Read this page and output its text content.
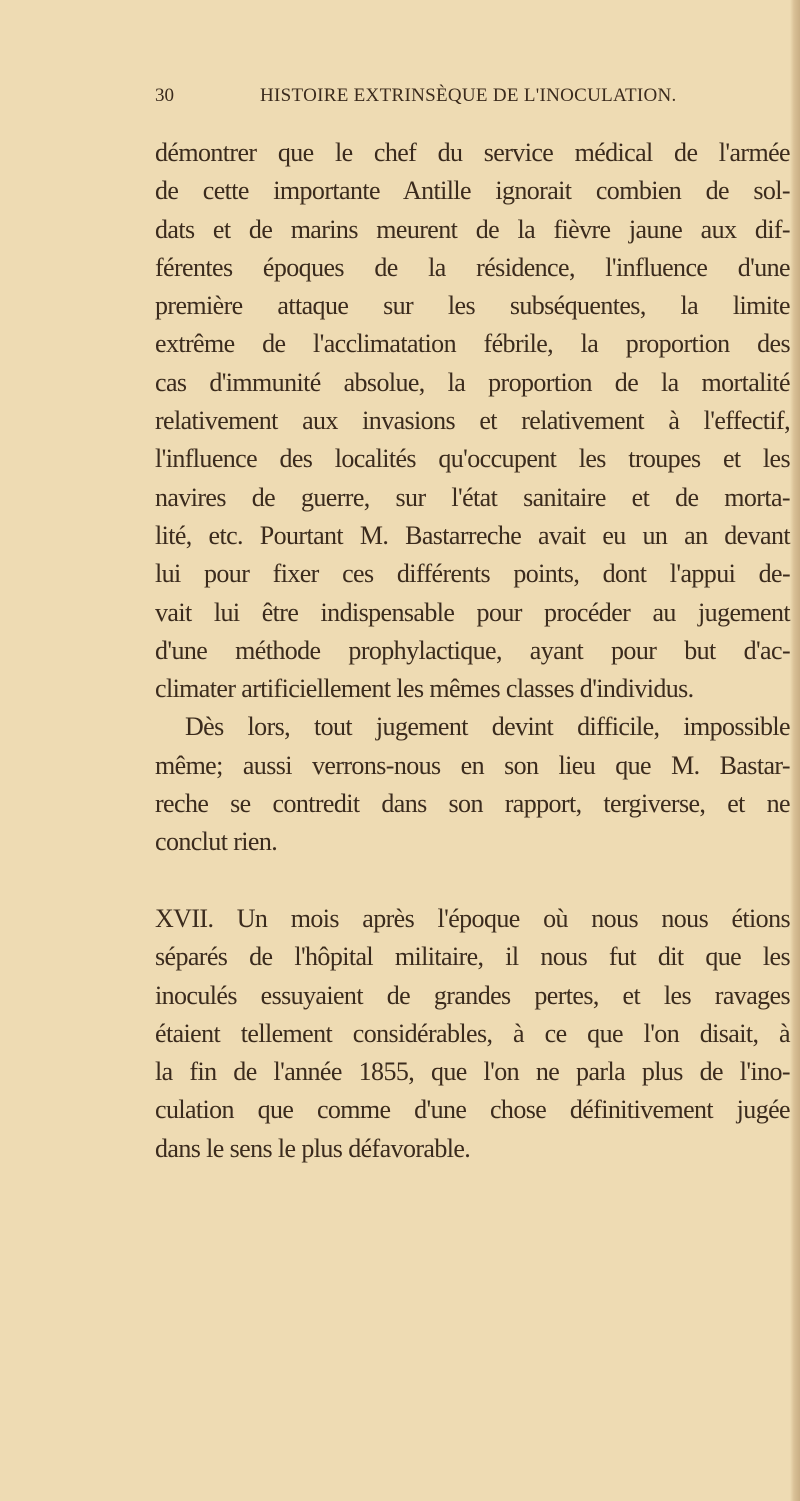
30	HISTOIRE EXTRINSÈQUE DE L'INOCULATION.
démontrer que le chef du service médical de l'armée
de cette importante Antille ignorait combien de sol-
dats et de marins meurent de la fièvre jaune aux dif-
férentes époques de la résidence, l'influence d'une
première attaque sur les subséquentes, la limite
extrême de l'acclimatation fébrile, la proportion des
cas d'immunité absolue, la proportion de la mortalité
relativement aux invasions et relativement à l'effectif,
l'influence des localités qu'occupent les troupes et les
navires de guerre, sur l'état sanitaire et de morta-
lité, etc. Pourtant M. Bastarreche avait eu un an devant
lui pour fixer ces différents points, dont l'appui de-
vait lui être indispensable pour procéder au jugement
d'une méthode prophylactique, ayant pour but d'ac-
climater artificiellement les mêmes classes d'individus.
Dès lors, tout jugement devint difficile, impossible
même; aussi verrons-nous en son lieu que M. Bastar-
reche se contredit dans son rapport, tergiverse, et ne
conclut rien.
XVII. Un mois après l'époque où nous nous étions
séparés de l'hôpital militaire, il nous fut dit que les
inoculés essuyaient de grandes pertes, et les ravages
étaient tellement considérables, à ce que l'on disait, à
la fin de l'année 1855, que l'on ne parla plus de l'ino-
culation que comme d'une chose définitivement jugée
dans le sens le plus défavorable.
